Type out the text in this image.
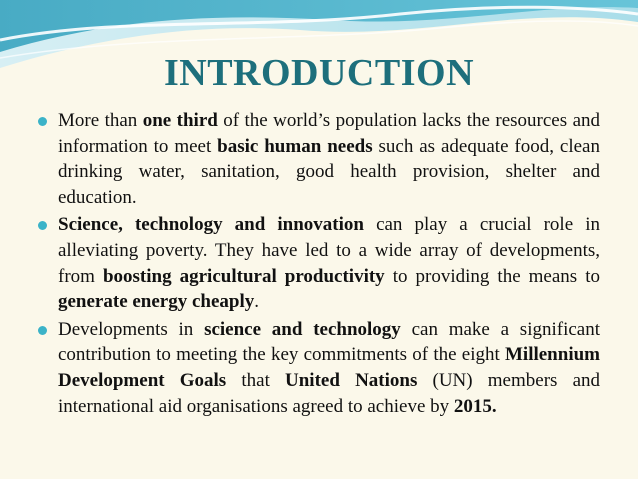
INTRODUCTION
More than one third of the world’s population lacks the resources and information to meet basic human needs such as adequate food, clean drinking water, sanitation, good health provision, shelter and education.
Science, technology and innovation can play a crucial role in alleviating poverty. They have led to a wide array of developments, from boosting agricultural productivity to providing the means to generate energy cheaply.
Developments in science and technology can make a significant contribution to meeting the key commitments of the eight Millennium Development Goals that United Nations (UN) members and international aid organisations agreed to achieve by 2015.
